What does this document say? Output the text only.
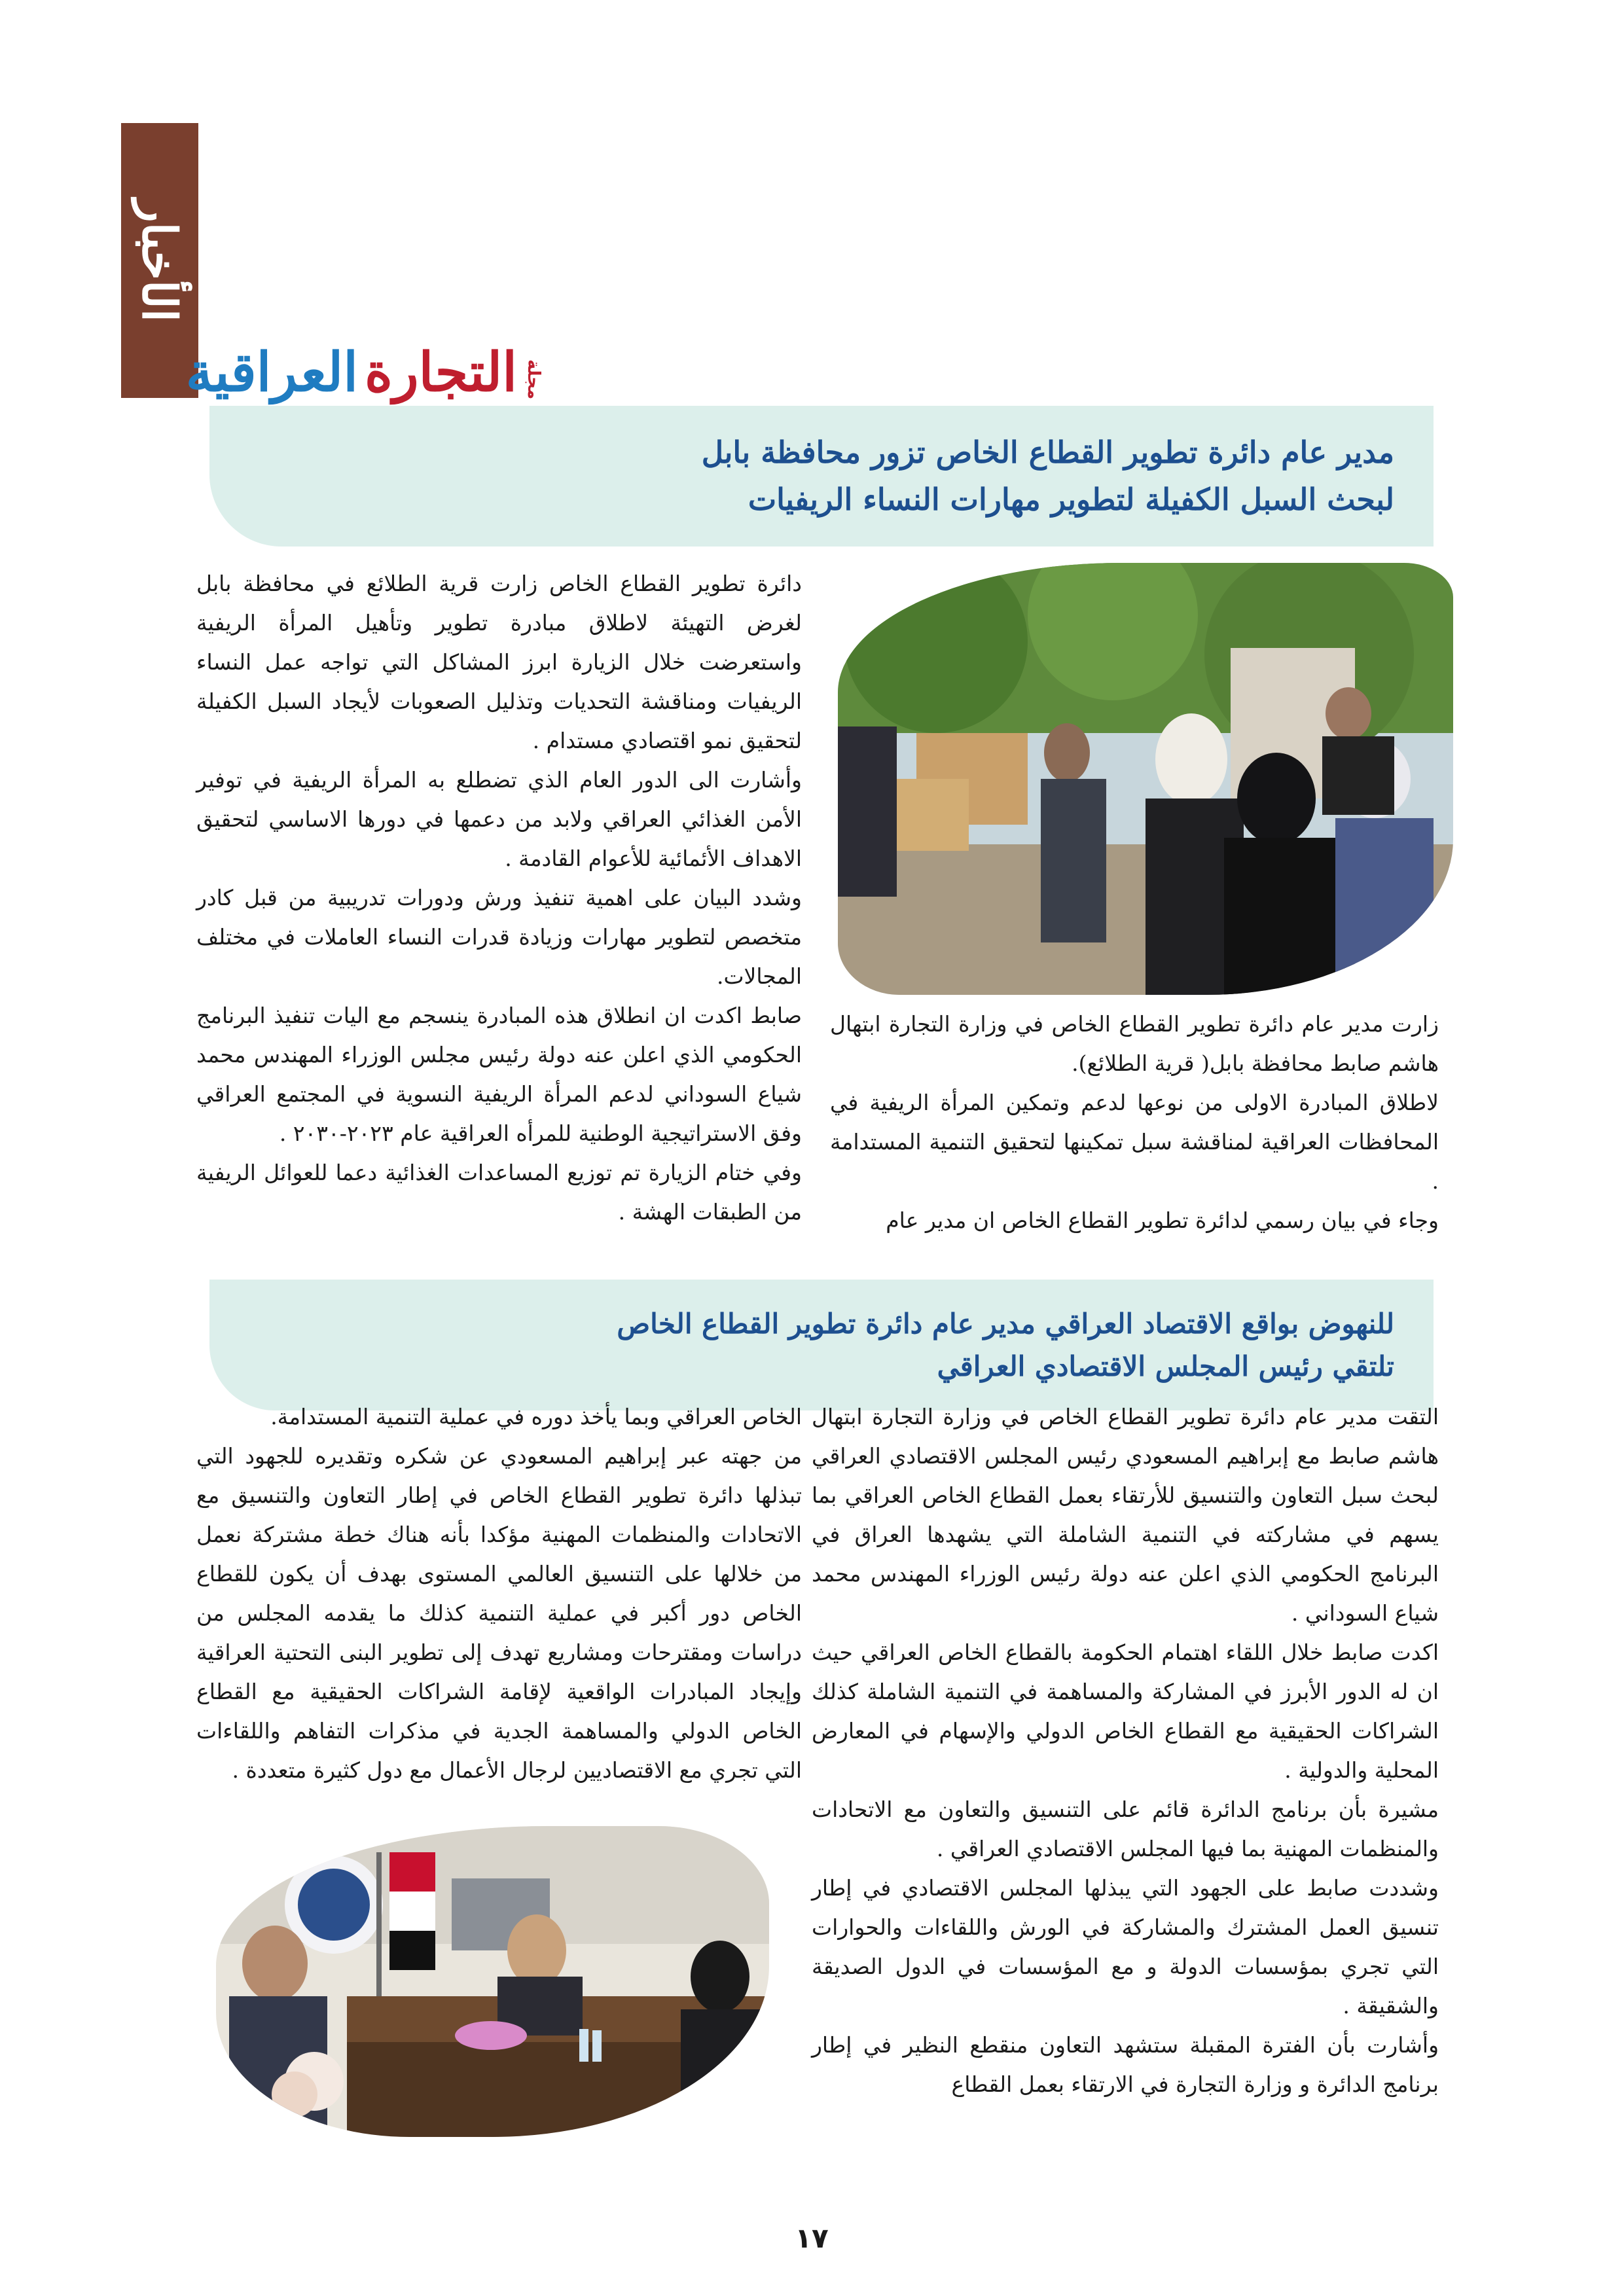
الأخبار
مجلة
التجارة
العراقية
مدير عام دائرة تطوير القطاع الخاص تزور محافظة بابل
لبحث السبل الكفيلة لتطوير مهارات النساء الريفيات

دائرة تطوير القطاع الخاص زارت قرية الطلائع في محافظة بابل لغرض التهيئة لاطلاق مبادرة تطوير وتأهيل المرأة الريفية واستعرضت خلال الزيارة ابرز المشاكل التي تواجه عمل النساء الريفيات ومناقشة التحديات وتذليل الصعوبات لأيجاد السبل الكفيلة لتحقيق نمو اقتصادي مستدام .

وأشارت الى الدور العام الذي تضطلع به المرأة الريفية في توفير الأمن الغذائي العراقي ولابد من دعمها في دورها الاساسي لتحقيق الاهداف الأئمائية للأعوام القادمة .

وشدد البيان على اهمية تنفيذ ورش ودورات تدريبية من قبل كادر متخصص لتطوير مهارات وزيادة قدرات النساء العاملات في مختلف المجالات.

صابط اكدت ان انطلاق هذه المبادرة ينسجم مع اليات تنفيذ البرنامج الحكومي الذي اعلن عنه دولة رئيس مجلس الوزراء المهندس محمد شياع السوداني لدعم المرأة الريفية النسوية في المجتمع العراقي وفق الاستراتيجية الوطنية للمرأه العراقية عام ٢٠٢٣-٢٠٣٠ .

وفي ختام الزيارة تم توزيع المساعدات الغذائية دعما للعوائل الريفية من الطبقات الهشة .

زارت مدير عام دائرة تطوير القطاع الخاص في وزارة التجارة ابتهال هاشم صابط محافظة بابل( قرية الطلائع).

لاطلاق المبادرة الاولى من نوعها لدعم وتمكين المرأة الريفية في المحافظات العراقية لمناقشة سبل تمكينها لتحقيق التنمية المستدامة .

وجاء في بيان رسمي لدائرة تطوير القطاع الخاص ان مدير عام

للنهوض بواقع الاقتصاد العراقي مدير عام دائرة تطوير القطاع الخاص
تلتقي رئيس المجلس الاقتصادي العراقي

التقت مدير عام دائرة تطوير القطاع الخاص في وزارة التجارة ابتهال هاشم صابط مع إبراهيم المسعودي رئيس المجلس الاقتصادي العراقي لبحث سبل التعاون والتنسيق للأرتقاء بعمل القطاع الخاص العراقي بما يسهم في مشاركته في التنمية الشاملة التي يشهدها العراق في البرنامج الحكومي الذي اعلن عنه دولة رئيس الوزراء المهندس محمد شياع السوداني .

اكدت صابط خلال اللقاء اهتمام الحكومة بالقطاع الخاص العراقي حيث ان له الدور الأبرز في المشاركة والمساهمة في التنمية الشاملة كذلك الشراكات الحقيقية مع القطاع الخاص الدولي والإسهام في المعارض المحلية والدولية .

مشيرة بأن برنامج الدائرة قائم على التنسيق والتعاون مع الاتحادات والمنظمات المهنية بما فيها المجلس الاقتصادي العراقي .

وشددت صابط على الجهود التي يبذلها المجلس الاقتصادي في إطار تنسيق العمل المشترك والمشاركة في الورش واللقاءات والحوارات التي تجري بمؤسسات الدولة و مع المؤسسات في الدول الصديقة والشقيقة .

وأشارت بأن الفترة المقبلة ستشهد التعاون منقطع النظير في إطار برنامج الدائرة و وزارة التجارة في الارتقاء بعمل القطاع

الخاص العراقي وبما يأخذ دوره في عملية التنمية المستدامة.

من جهته عبر إبراهيم المسعودي عن شكره وتقديره للجهود التي تبذلها دائرة تطوير القطاع الخاص في إطار التعاون والتنسيق مع الاتحادات والمنظمات المهنية مؤكدا بأنه هناك خطة مشتركة نعمل من خلالها على التنسيق العالمي المستوى بهدف أن يكون للقطاع الخاص دور أكبر في عملية التنمية كذلك ما يقدمه المجلس من دراسات ومقترحات ومشاريع تهدف إلى تطوير البنى التحتية العراقية وإيجاد المبادرات الواقعية لإقامة الشراكات الحقيقية مع القطاع الخاص الدولي والمساهمة الجدية في مذكرات التفاهم واللقاءات التي تجري مع الاقتصاديين لرجال الأعمال مع دول كثيرة متعددة .

١٧
